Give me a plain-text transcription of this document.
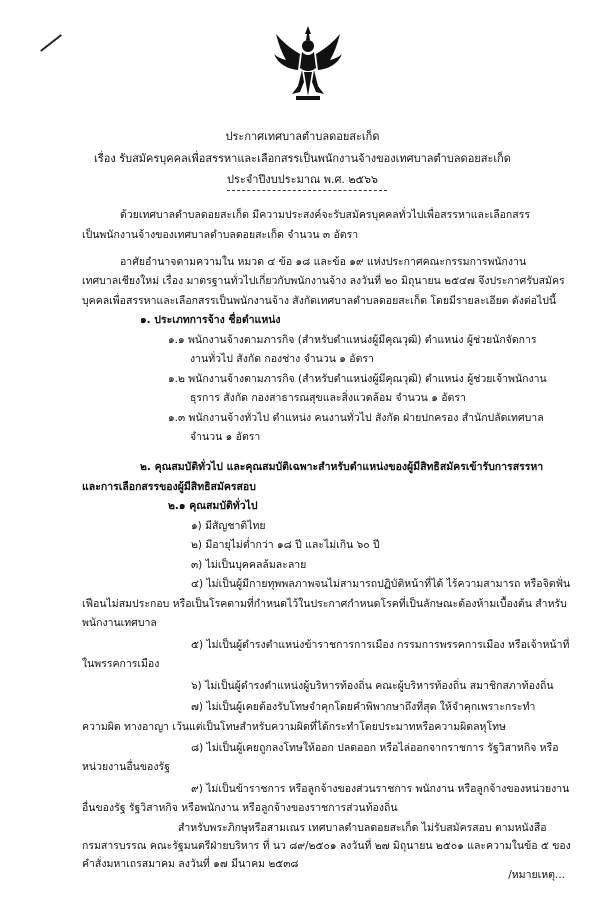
ประกาศเทศบาลตำบลดอยสะเก็ด
เรื่อง รับสมัครบุคคลเพื่อสรรหาและเลือกสรรเป็นพนักงานจ้างของเทศบาลตำบลดอยสะเก็ด
ประจำปีงบประมาณ พ.ศ. ๒๕๖๖
ด้วยเทศบาลตำบลดอยสะเก็ด มีความประสงค์จะรับสมัครบุคคลทั่วไปเพื่อสรรหาและเลือกสรร
เป็นพนักงานจ้างของเทศบาลตำบลดอยสะเก็ด จำนวน ๓ อัตรา
อาศัยอำนาจตามความใน หมวด ๔ ข้อ ๑๘ และข้อ ๑๙ แห่งประกาศคณะกรรมการพนักงาน
เทศบาลเชียงใหม่ เรื่อง มาตรฐานทั่วไปเกี่ยวกับพนักงานจ้าง ลงวันที่ ๒๐ มิถุนายน ๒๕๔๗ จึงประกาศรับสมัคร
บุคคลเพื่อสรรหาและเลือกสรรเป็นพนักงานจ้าง สังกัดเทศบาลตำบลดอยสะเก็ด โดยมีรายละเอียด ดังต่อไปนี้
๑. ประเภทการจ้าง ชื่อตำแหน่ง
๑.๑ พนักงานจ้างตามภารกิจ (สำหรับตำแหน่งผู้มีคุณวุฒิ) ตำแหน่ง ผู้ช่วยนักจัดการ
งานทั่วไป สังกัด กองช่าง จำนวน ๑ อัตรา
๑.๒ พนักงานจ้างตามภารกิจ (สำหรับตำแหน่งผู้มีคุณวุฒิ) ตำแหน่ง ผู้ช่วยเจ้าพนักงาน
ธุรการ สังกัด กองสาธารณสุขและสิ่งแวดล้อม จำนวน ๑ อัตรา
๑.๓ พนักงานจ้างทั่วไป ตำแหน่ง คนงานทั่วไป สังกัด ฝ่ายปกครอง สำนักปลัดเทศบาล
จำนวน ๑ อัตรา
๒. คุณสมบัติทั่วไป และคุณสมบัติเฉพาะสำหรับตำแหน่งของผู้มีสิทธิสมัครเข้ารับการสรรหา
และการเลือกสรรของผู้มีสิทธิสมัครสอบ
๒.๑ คุณสมบัติทั่วไป
๑) มีสัญชาติไทย
๒) มีอายุไม่ต่ำกว่า ๑๘ ปี และไม่เกิน ๖๐ ปี
๓) ไม่เป็นบุคคลล้มละลาย
๔) ไม่เป็นผู้มีกายทุพพลภาพจนไม่สามารถปฏิบัติหน้าที่ได้ ไร้ความสามารถ หรือจิตฟั่น
เฟือนไม่สมประกอบ หรือเป็นโรคตามที่กำหนดไว้ในประกาศกำหนดโรคที่เป็นลักษณะต้องห้ามเบื้องต้น สำหรับ
พนักงานเทศบาล
๕) ไม่เป็นผู้ดำรงตำแหน่งข้าราชการการเมือง กรรมการพรรคการเมือง หรือเจ้าหน้าที่
ในพรรคการเมือง
๖) ไม่เป็นผู้ดำรงตำแหน่งผู้บริหารท้องถิ่น คณะผู้บริหารท้องถิ่น สมาชิกสภาท้องถิ่น
๗) ไม่เป็นผู้เคยต้องรับโทษจำคุกโดยคำพิพากษาถึงที่สุด ให้จำคุกเพราะกระทำ
ความผิด ทางอาญา เว้นแต่เป็นโทษสำหรับความผิดที่ได้กระทำโดยประมาทหรือความผิดลหุโทษ
๘) ไม่เป็นผู้เคยถูกลงโทษให้ออก ปลดออก หรือไล่ออกจากราชการ รัฐวิสาหกิจ หรือ
หน่วยงานอื่นของรัฐ
๙) ไม่เป็นข้าราชการ หรือลูกจ้างของส่วนราชการ พนักงาน หรือลูกจ้างของหน่วยงาน
อื่นของรัฐ รัฐวิสาหกิจ หรือพนักงาน หรือลูกจ้างของราชการส่วนท้องถิ่น
สำหรับพระภิกษุหรือสามเณร เทศบาลตำบลดอยสะเก็ด ไม่รับสมัครสอบ ตามหนังสือ
กรมสารบรรณ คณะรัฐมนตรีฝ่ายบริหาร ที่ นว ๘๙/๒๕๐๑ ลงวันที่ ๒๗ มิถุนายน ๒๕๐๑ และความในข้อ ๕ ของ
คำสั่งมหาเถรสมาคม ลงวันที่ ๑๗ มีนาคม ๒๕๓๘
/หมายเหตุ...
